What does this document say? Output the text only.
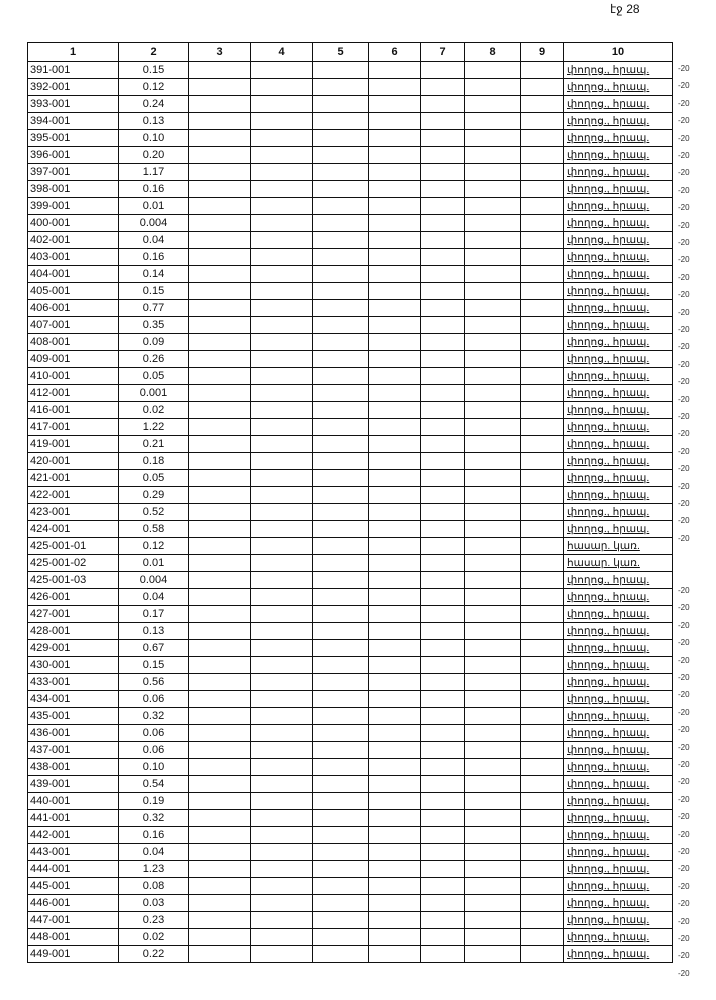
էջ 28
1	2	3	4	5	6	7	8	9	10
391-001	0.15								փողոց., հրապ.
392-001	0.12								փողոց., հրապ.
393-001	0.24								փողոց., հրապ.
394-001	0.13								փողոց., հրապ.
395-001	0.10								փողոց., հրապ.
396-001	0.20								փողոց., հրապ.
397-001	1.17								փողոց., հրապ.
398-001	0.16								փողոց., հրապ.
399-001	0.01								փողոց., հրապ.
400-001	0.004								փողոց., հրապ.
402-001	0.04								փողոց., հրապ.
403-001	0.16								փողոց., հրապ.
404-001	0.14								փողոց., հրապ.
405-001	0.15								փողոց., հրապ.
406-001	0.77								փողոց., հրապ.
407-001	0.35								փողոց., հրապ.
408-001	0.09								փողոց., հրապ.
409-001	0.26								փողոց., հրապ.
410-001	0.05								փողոց., հրապ.
412-001	0.001								փողոց., հրապ.
416-001	0.02								փողոց., հրապ.
417-001	1.22								փողոց., հրապ.
419-001	0.21								փողոց., հրապ.
420-001	0.18								փողոց., հրապ.
421-001	0.05								փողոց., հրապ.
422-001	0.29								փողոց., հրապ.
423-001	0.52								փողոց., հրապ.
424-001	0.58								փողոց., հրապ.
425-001-01	0.12								հասար. կառ.
425-001-02	0.01								հասար. կառ.
425-001-03	0.004								փողոց., հրապ.
426-001	0.04								փողոց., հրապ.
427-001	0.17								փողոց., հրապ.
428-001	0.13								փողոց., հրապ.
429-001	0.67								փողոց., հրապ.
430-001	0.15								փողոց., հրապ.
433-001	0.56								փողոց., հրապ.
434-001	0.06								փողոց., հրապ.
435-001	0.32								փողոց., հրապ.
436-001	0.06								փողոց., հրապ.
437-001	0.06								փողոց., հրապ.
438-001	0.10								փողոց., հրապ.
439-001	0.54								փողոց., հրապ.
440-001	0.19								փողոց., հրապ.
441-001	0.32								փողոց., հրապ.
442-001	0.16								փողոց., հրապ.
443-001	0.04								փողոց., հրապ.
444-001	1.23								փողոց., հրապ.
445-001	0.08								փողոց., հրապ.
446-001	0.03								փողոց., հրապ.
447-001	0.23								փողոց., հրապ.
448-001	0.02								փողոց., հրապ.
449-001	0.22								փողոց., հրապ.
-20
-20
-20
-20
-20
-20
-20
-20
-20
-20
-20
-20
-20
-20
-20
-20
-20
-20
-20
-20
-20
-20
-20
-20
-20
-20
-20
-20
-20
-20
-20
-20
-20
-20
-20
-20
-20
-20
-20
-20
-20
-20
-20
-20
-20
-20
-20
-20
-20
-20
-20
